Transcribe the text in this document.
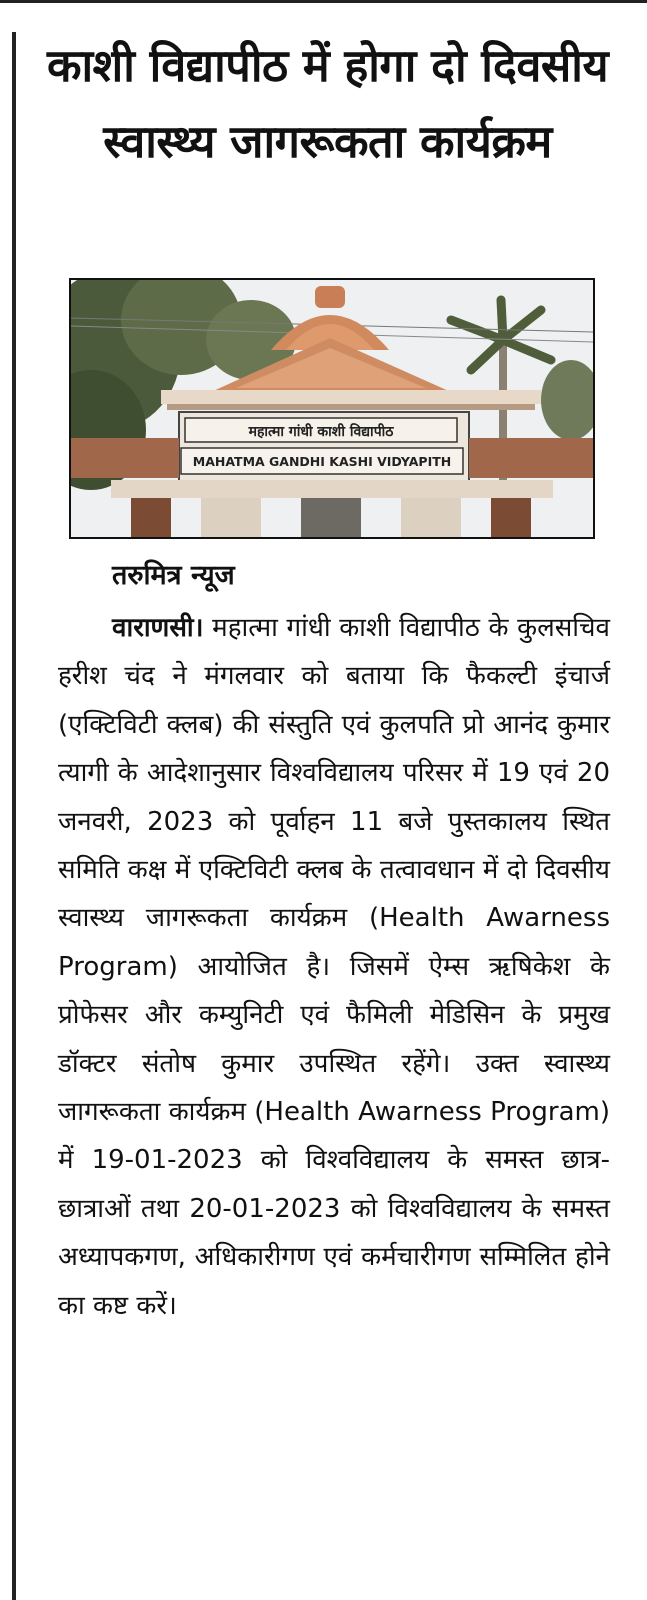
काशी विद्यापीठ में होगा दो दिवसीय स्वास्थ्य जागरूकता कार्यक्रम
महात्मा गांधी काशी विद्यापीठ
MAHATMA GANDHI KASHI VIDYAPITH

तरुमित्र न्यूज

वाराणसी। महात्मा गांधी काशी विद्यापीठ के कुलसचिव हरीश चंद ने मंगलवार को बताया कि फैकल्टी इंचार्ज (एक्टिविटी क्लब) की संस्तुति एवं कुलपति प्रो आनंद कुमार त्यागी के आदेशानुसार विश्वविद्यालय परिसर में 19 एवं 20 जनवरी, 2023 को पूर्वाहन 11 बजे पुस्तकालय स्थित समिति कक्ष में एक्टिविटी क्लब के तत्वावधान में दो दिवसीय स्वास्थ्य जागरूकता कार्यक्रम (Health Awarness Program) आयोजित है। जिसमें ऐम्स ऋषिकेश के प्रोफेसर और कम्युनिटी एवं फैमिली मेडिसिन के प्रमुख डॉक्टर संतोष कुमार उपस्थित रहेंगे। उक्त स्वास्थ्य जागरूकता कार्यक्रम (Health Awarness Program) में 19-01-2023 को विश्वविद्यालय के समस्त छात्र-छात्राओं तथा 20-01-2023 को विश्वविद्यालय के समस्त अध्यापकगण, अधिकारीगण एवं कर्मचारीगण सम्मिलित होने का कष्ट करें।
